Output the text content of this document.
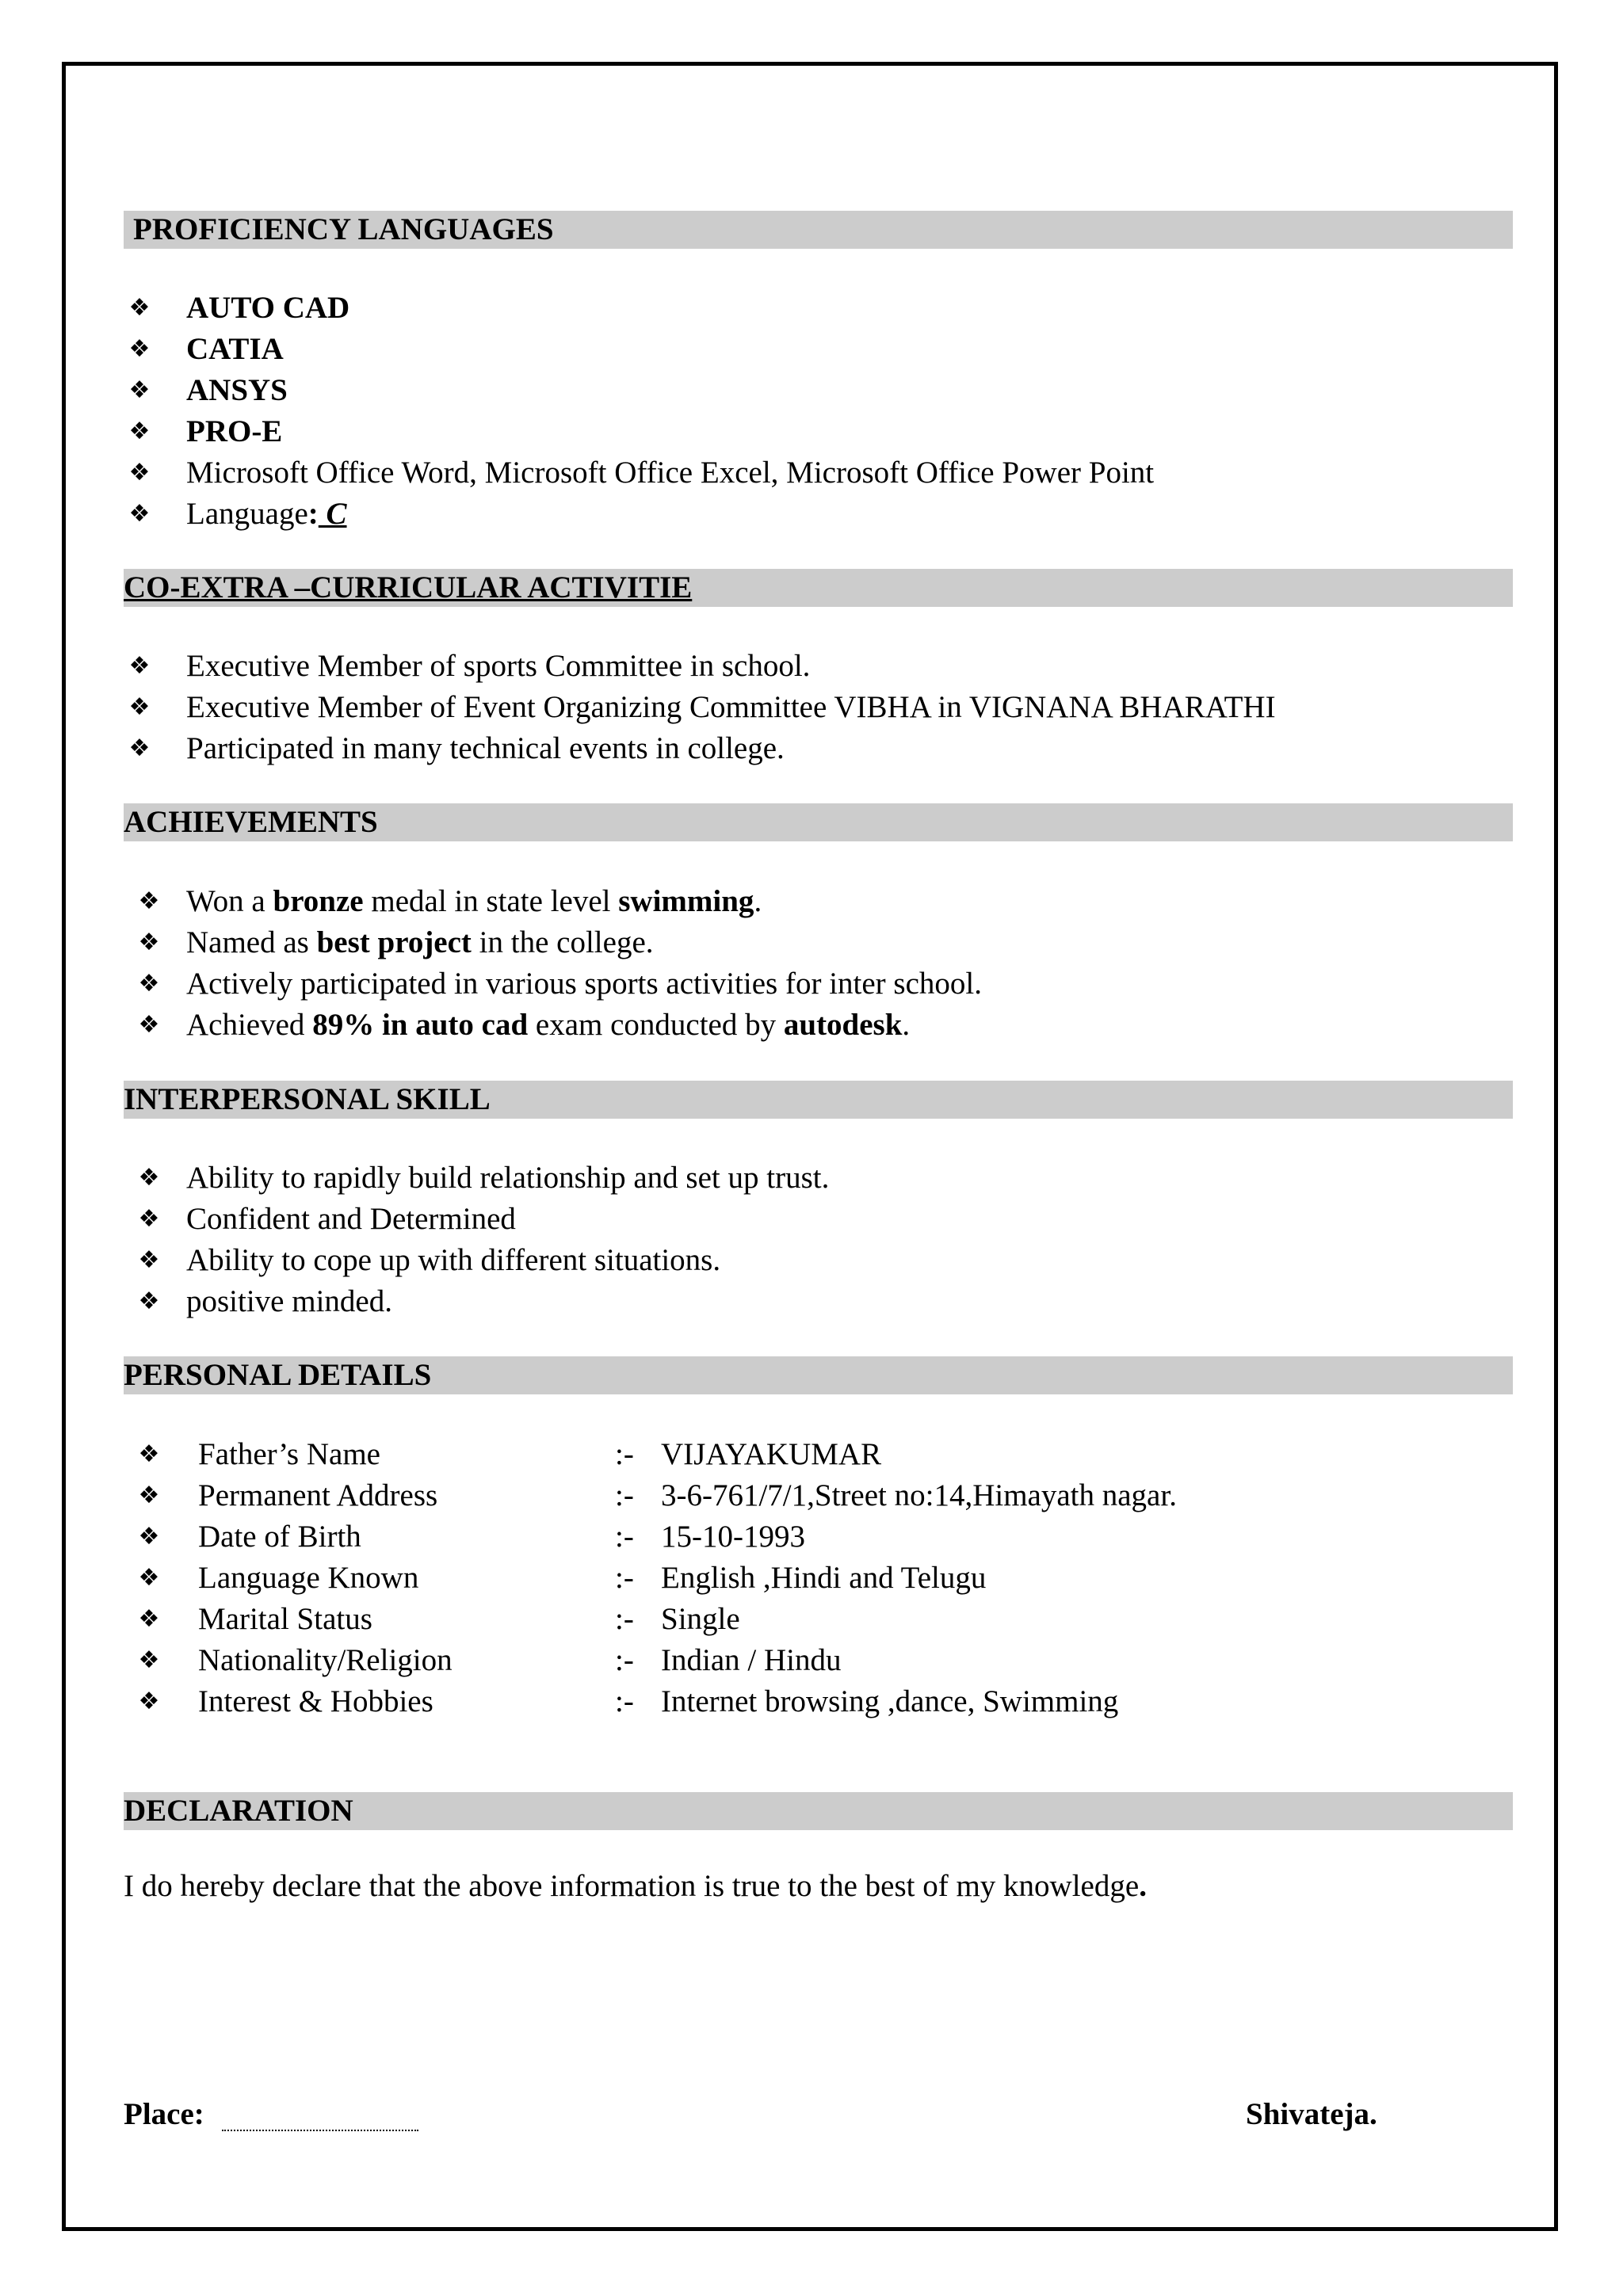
PROFICIENCY LANGUAGES
❖ AUTO CAD
❖ CATIA
❖ ANSYS
❖ PRO-E
❖ Microsoft Office Word, Microsoft Office Excel, Microsoft Office Power Point
❖ Language: C
CO-EXTRA –CURRICULAR ACTIVITIE
❖ Executive Member of sports Committee in school.
❖ Executive Member of Event Organizing Committee VIBHA in VIGNANA BHARATHI
❖ Participated in many technical events in college.
ACHIEVEMENTS
❖ Won a bronze medal in state level swimming.
❖ Named as best project in the college.
❖ Actively participated in various sports activities for inter school.
❖ Achieved 89% in auto cad exam conducted by autodesk.
INTERPERSONAL SKILL
❖ Ability to rapidly build relationship and set up trust.
❖ Confident and Determined
❖ Ability to cope up with different situations.
❖ positive minded.
PERSONAL DETAILS
❖ Father’s Name	:- VIJAYAKUMAR
❖ Permanent Address	:- 3-6-761/7/1,Street no:14,Himayath nagar.
❖ Date of Birth	:- 15-10-1993
❖ Language Known	:- English ,Hindi and Telugu
❖ Marital Status	:- Single
❖ Nationality/Religion	:- Indian / Hindu
❖ Interest & Hobbies	:- Internet browsing ,dance, Swimming
DECLARATION
I do hereby declare that the above information is true to the best of my knowledge.
Place:	Shivateja.
